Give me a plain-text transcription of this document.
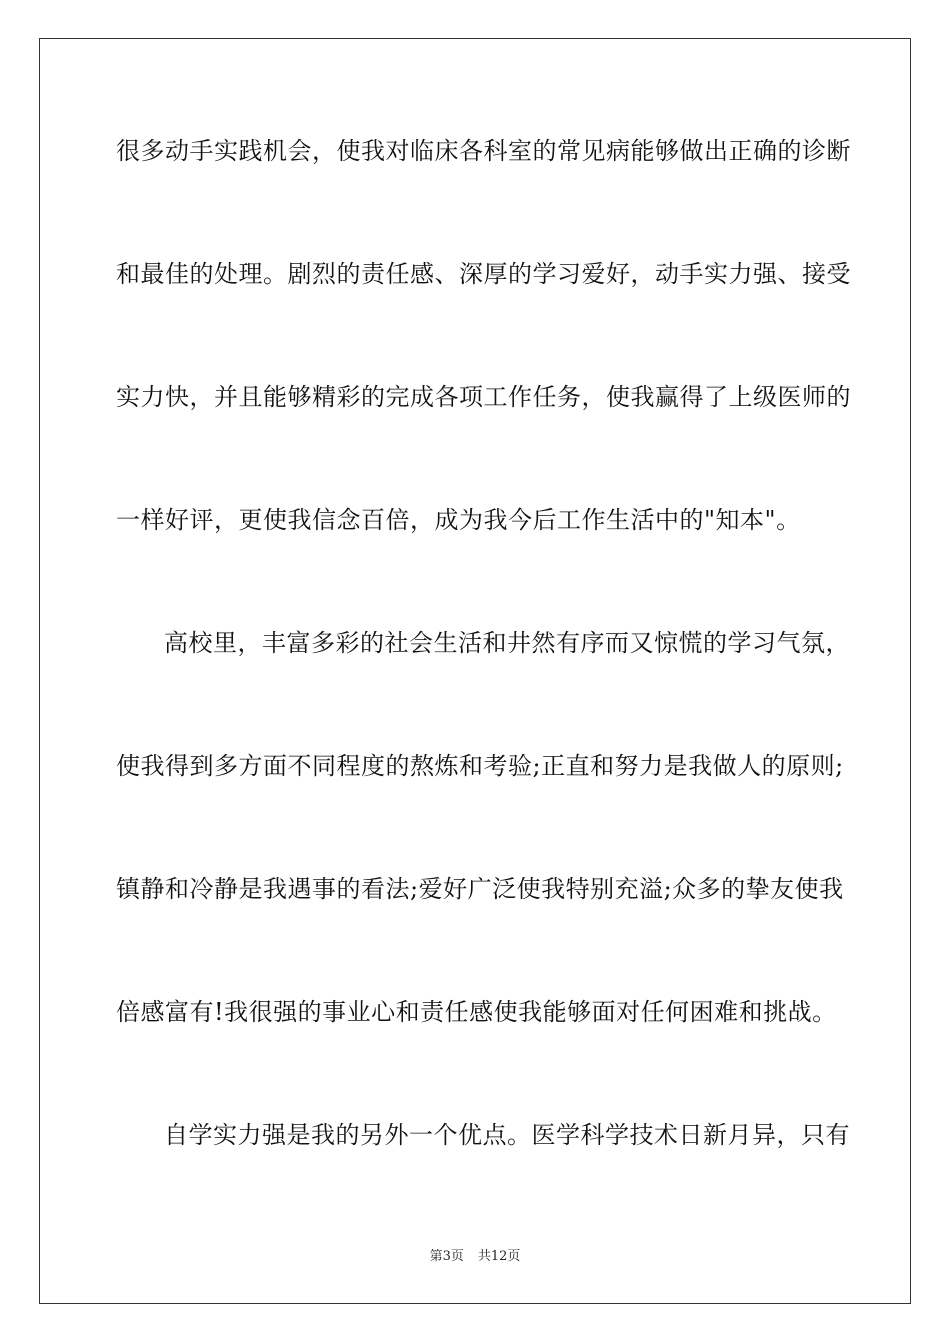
很多动手实践机会，使我对临床各科室的常见病能够做出正确的诊断
和最佳的处理。剧烈的责任感、深厚的学习爱好，动手实力强、接受
实力快，并且能够精彩的完成各项工作任务，使我赢得了上级医师的
一样好评，更使我信念百倍，成为我今后工作生活中的"知本"。
高校里，丰富多彩的社会生活和井然有序而又惊慌的学习气氛，
使我得到多方面不同程度的熬炼和考验;正直和努力是我做人的原则;
镇静和冷静是我遇事的看法;爱好广泛使我特别充溢;众多的挚友使我
倍感富有!我很强的事业心和责任感使我能够面对任何困难和挑战。
自学实力强是我的另外一个优点。医学科学技术日新月异，只有
第3页 共12页
